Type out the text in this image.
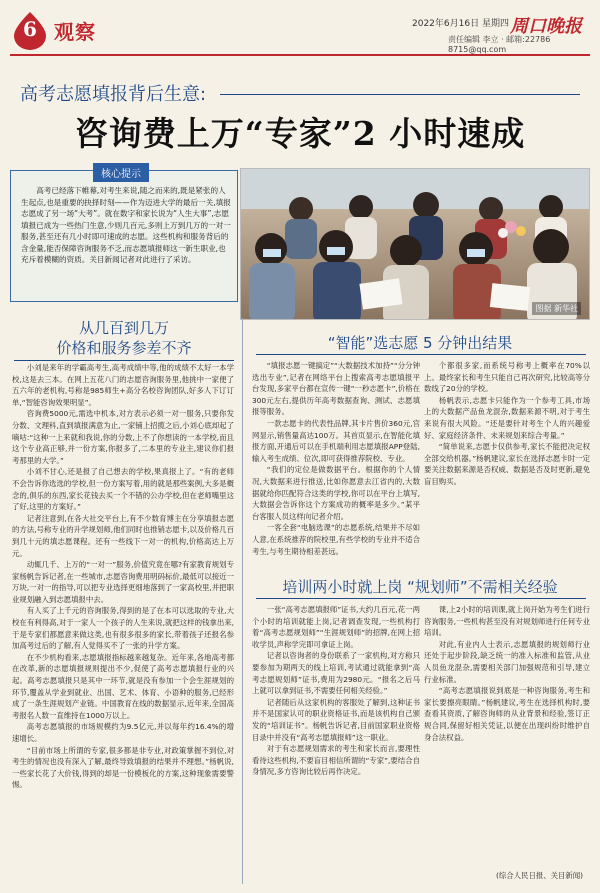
6 观察	2022年6月16日 星期四 周口晚报
责任编辑 李立 · 邮箱:22786 8715@qq.com
高考志愿填报背后生意:
咨询费上万“专家”2 小时速成
核心提示
高考已经落下帷幕,对考生来说,随之而来的,既是紧张的人生起点,也是重要的抉择时刻——作为迈进大学的最后一关,填报志愿成了另一场“大考”。就在数字和家长说为“人生大事”,志愿填报已成为一些热门生意,少则几百元,多则上万到几万的一对一服务,甚至还有几小时即可速成的志愿。这些机构和服务背后的含金量,能否保障咨询服务不乏,而志愿填报师这一新生职业,也充斥着模糊的资质。关目新闻记者对此进行了采访。
图据 新华社
从几百到几万
价格和服务参差不齐	“智能”选志愿 5 分钟出结果
培训两小时就上岗 “规划师”不需相关经验

小刘是来年的学霸高考生,高考成绩中等,他的成绩不太好一本学校,这是去三本。在网上五花八门的志愿咨询服务里,他挑中一家便了五六年的老机构,号称是985师生+高分名校咨询团队,好多人下订订单,“智能咨询效果明显”。

咨询费5000元,需选中机本,对方表示必须一对一服务,只要你发分数、文理科,直到填报满意为止,一家铺上招揽之后,小刘心底却起了嘀咕:“这种一上来就和我说,你的分数,上不了你想读的一本学校,而且这个专业高正够,并一份方案,你报多了,二本里的专业主,建议你们报考那里的大学。”

小刘不甘心,还是报了自己想去的学校,果真报上了。“有的老师不会告诉你选选的学校,但一份方案写着,用的就是那些案例,大多是概念的,俱乐的东西,家长花钱去买一个不错的公办学校,但在老师嘴里这了好,这里的方案好。”

记者注意到,在各大社交平台上,有不少数育博主在分享填报志愿的方法,号称专业的升学规划师,他们同时也推销志愿卡,以及价格几百到几十元的填志愿课程。还有一些线下一对一的机构,价格高达上万元。

动辄几千、上万的“一对一”服务,价值究竟在哪?有家教育规划专家杨帆告诉记者,在一些城市,志愿咨询费用明码标价,最低可以接近一万块,一对一的指导,可以把专业选择更细地落到了一家高校里,并把职业规划融入到志愿填报中去。

有人买了上千元的咨询服务,得到的是了在本可以选取的专业,大校在有利得高,对于一家人一个孩子的人生来说,就把这样的钱拿出来,于是专家们都愿意来做这类,也有很多很多的家长,带着孩子还报名参加高考过后的了解,有人觉得买不了一张的升学方案。

在不少机构看来,志愿填报指标越来越复杂。近年来,各地高考都在改革,新的志愿填报规则提出不少,促使了高考志愿填报行业的兴起。高考志愿填报只是其中一环节,就是没有参加一个会生涯规划的环节,覆盖从学业到就业、出国、艺术、体育、小语种的服务,已经形成了一条生涯规划产业链。中国教育在线的数据显示,近年来,全国高考报名人数一直维持在1000万以上。

高考志愿填报的市场规模约为9.5亿元,并以每年约16.4%的增速增长。

“目前市场上所谓的专家,很多都是非专业,对政策掌握不到位,对考生的情况也没有深入了解,最终导致填报的结果并不理想。”杨帆说,一些家长花了大价钱,得到的却是一份模板化的方案,这种现象需要警惕。

“填报志愿一键搞定”“大数据技术加持”“分分钟选出专业”,记者在网络平台上搜索高考志愿填报平台发现,多家平台都在宣传一键“一秒志愿卡”,价格在300元左右,提供历年高考数据查询、测试、志愿填报等服务。

一款志愿卡的代表性品牌,其卡片售价360元,官网显示,销售量高达100万。其首页显示,在智能化填报方面,开通后可以在手机端利用志愿填报APP登陆,输入考生成绩、位次,即可获得推荐院校、专业。

“我们的定位是做数据平台。根据你的个人情况,大数据来进行推送,比如你愿意去江省内的,大数据就给你匹配符合这类的学校,你可以在平台上填写,大数据会告诉你这个方案成功的概率是多少。”某平台客服人员这样向记者介绍。

一客全套“电脑选课”的志愿系统,结果并不尽如人意,在系统推荐的院校里,有些学校的专业并不适合考生,与考生期待相差甚远。

个都很多家,而系统号称考上概率在70%以上。最终家长和考生只能自己再次研究,比较高等分数线了20分的学校。

杨帆表示,志愿卡只能作为一个参考工具,市场上的大数据产品鱼龙混杂,数据来源不明,对于考生来说有很大风险。“还是要针对考生个人的兴趣爱好、家庭经济条件、未来规划来综合考量。”

“简单说来,志愿卡仅供参考,家长不能把决定权全部交给机器。”杨帆建议,家长在选择志愿卡时一定要关注数据来源是否权威、数据是否及时更新,避免盲目购买。

一张“高考志愿填报师”证书,大约几百元,花一两个小时的培训就能上岗,记者调查发现,一些机构打着“高考志愿规划师”“生涯规划师”的招牌,在网上招收学员,声称学完即可拿证上岗。

记者以咨询者的身份联系了一家机构,对方称只要参加为期两天的线上培训,考试通过就能拿到“高考志愿规划师”证书,费用为2980元。“报名之后马上就可以拿到证书,不需要任何相关经验。”

记者随后从这家机构的客服处了解到,这种证书并不是国家认可的职业资格证书,而是该机构自己颁发的“培训证书”。杨帆告诉记者,目前国家职业资格目录中并没有“高考志愿填报师”这一职业。

对于有志愿规划需求的考生和家长而言,要理性看待这些机构,不要盲目相信所谓的“专家”,要结合自身情况,多方咨询比较后再作决定。

课,上2小时的培训课,就上岗开始为考生们进行咨询服务,一些机构甚至没有对规划师进行任何专业培训。

对此,有业内人士表示,志愿填报的规划师行业还处于起步阶段,缺乏统一的准入标准和监管,从业人员鱼龙混杂,需要相关部门加强规范和引导,建立行业标准。

“高考志愿填报说到底是一种咨询服务,考生和家长要擦亮眼睛。”杨帆建议,考生在选择机构时,要查看其资质,了解咨询师的从业背景和经验,签订正规合同,保留好相关凭证,以便在出现纠纷时维护自身合法权益。

(综合人民日报、关目新闻)
